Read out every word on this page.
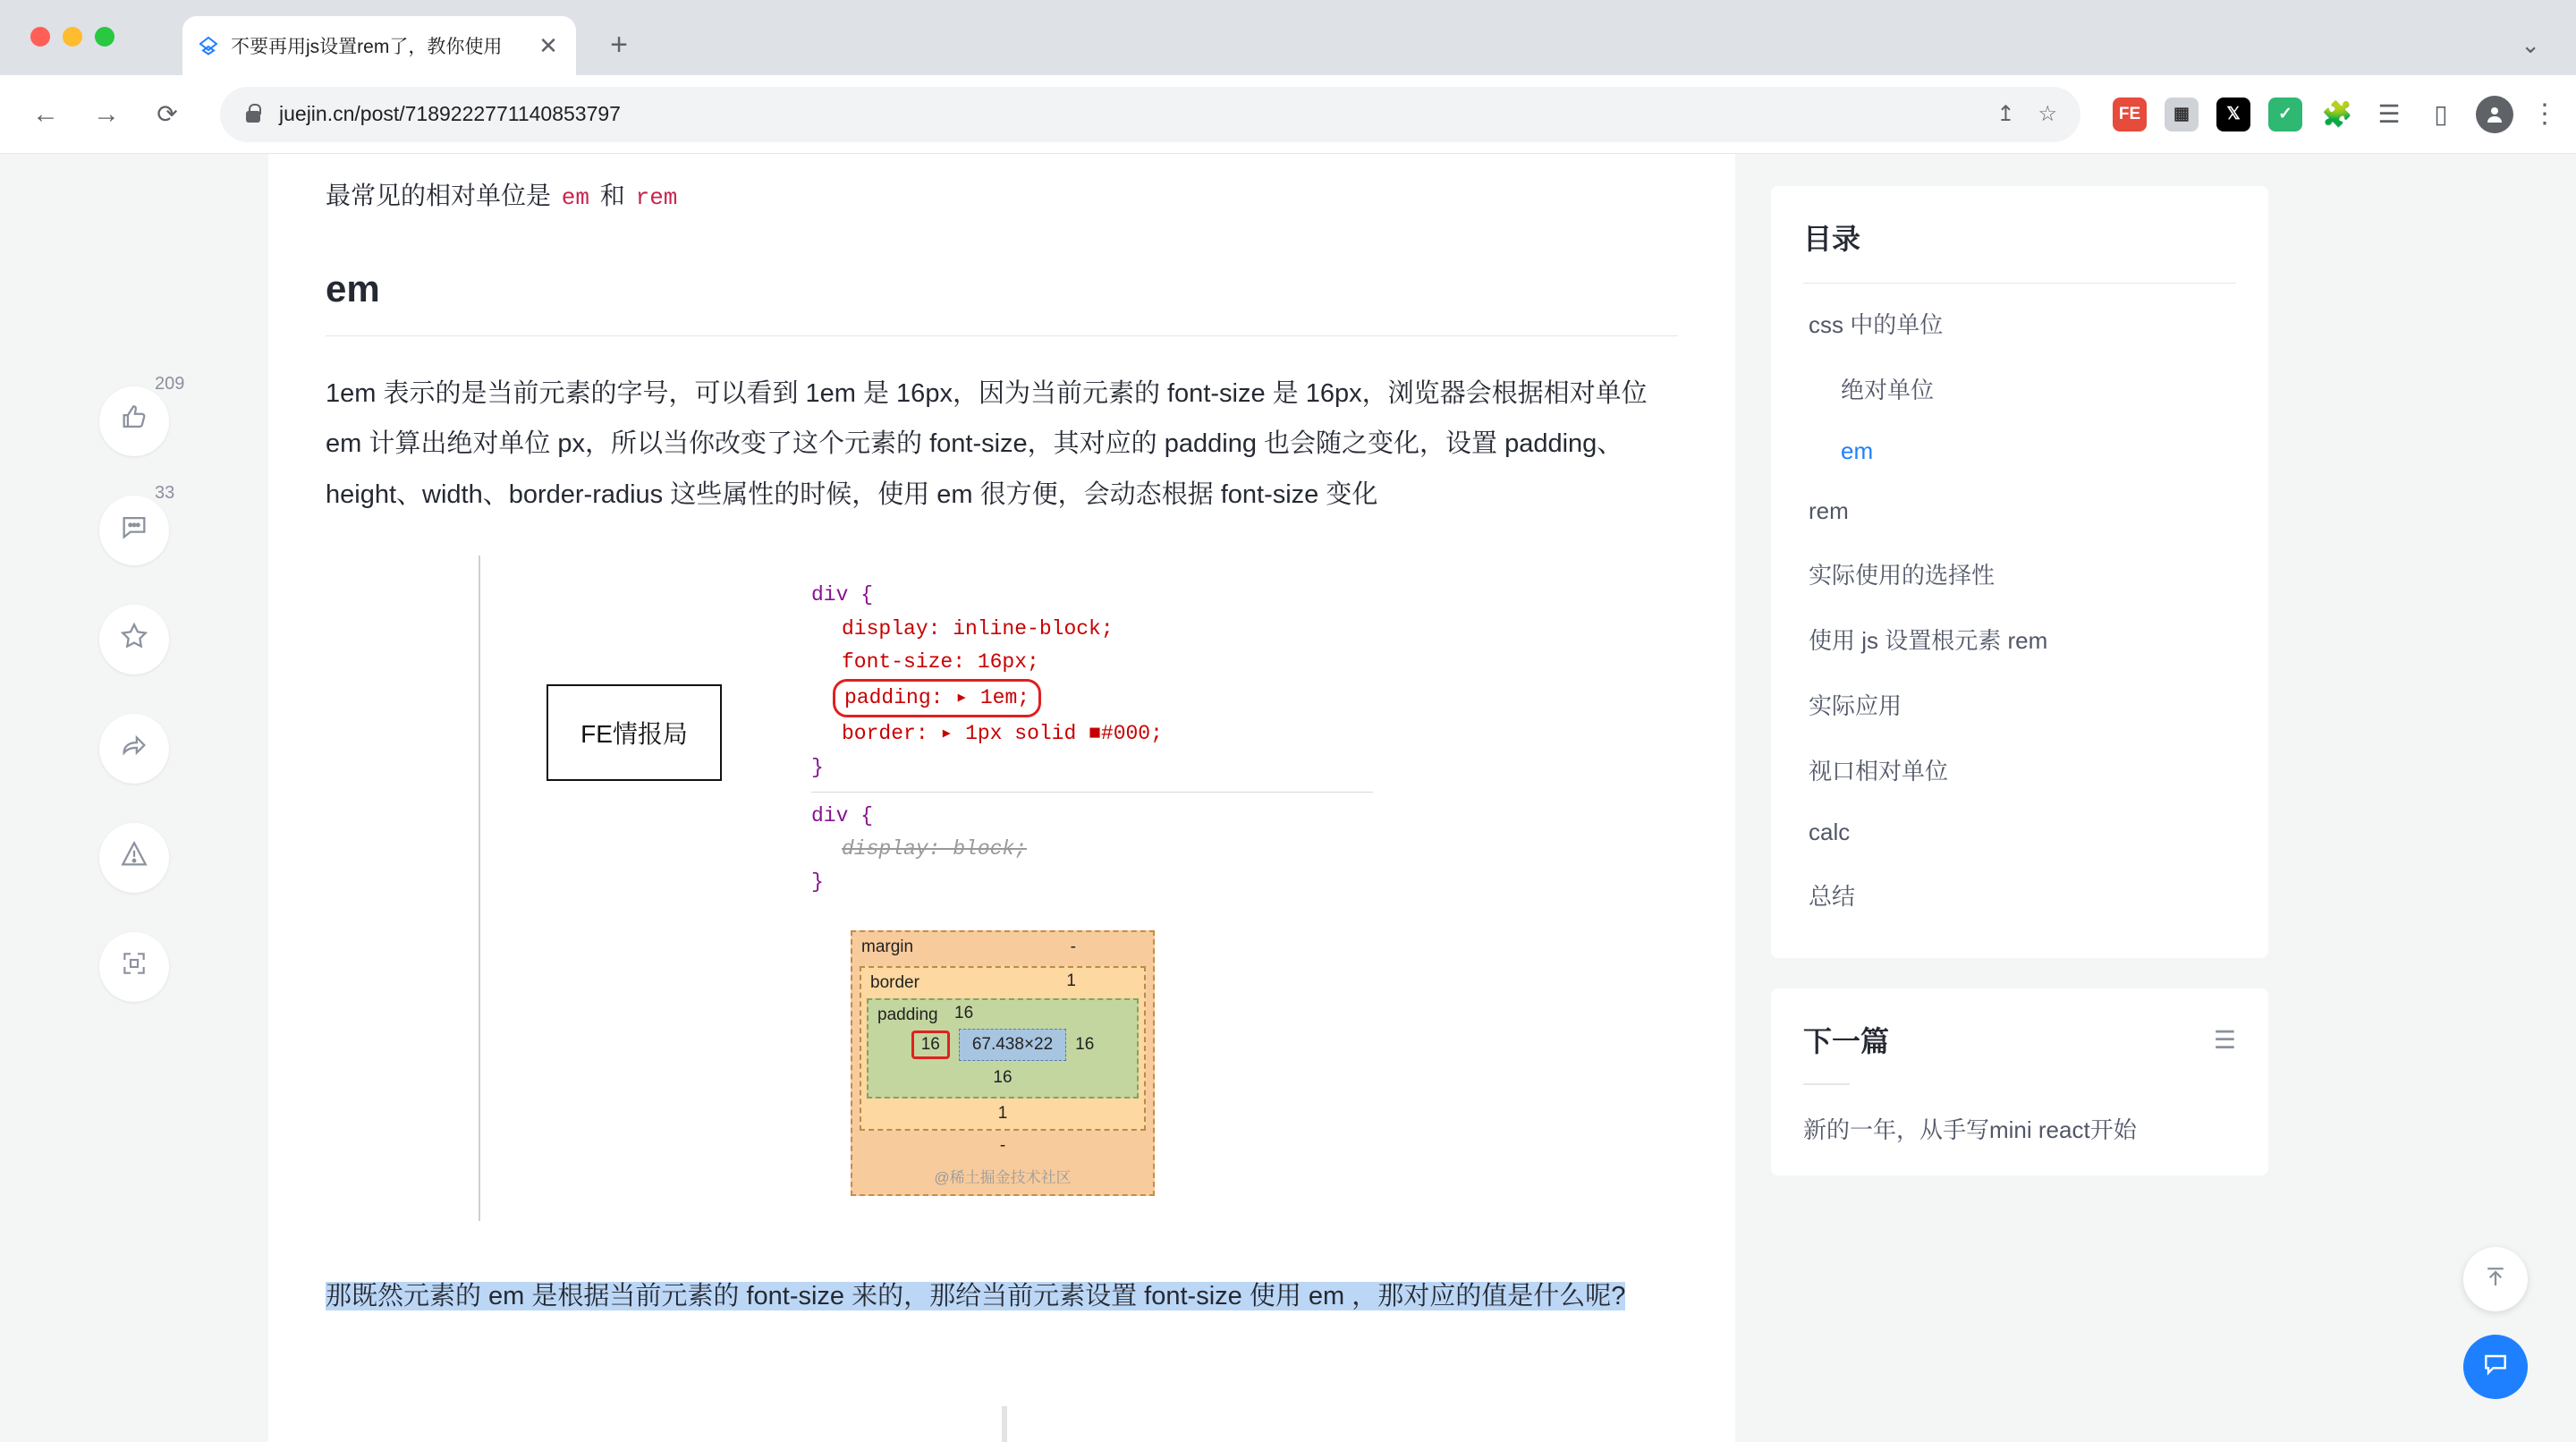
不要再用js设置rem了，教你使用	✕ +	⌄
← →	⟳	juejin.cn/post/7189222771140853797	↥ ☆	FE	▦	𝕏	✓	🧩 ☰	▯	⋮
209
33
最常见的相对单位是 em 和 rem
em

1em 表示的是当前元素的字号，可以看到 1em 是 16px，因为当前元素的 font-size 是 16px，浏览器会根据相对单位 em 计算出绝对单位 px，所以当你改变了这个元素的 font-size，其对应的 padding 也会随之变化，设置 padding、height、width、border-radius 这些属性的时候，使用 em 很方便，会动态根据 font-size 变化

FE情报局
div {
display: inline-block;
font-size: 16px;
padding: ▸ 1em;
border: ▸ 1px solid ■#000;
}
div {
display: block;
}
margin	-
border	1
padding 16
16	67.438×22	16
16
1
-
@稀土掘金技术社区

那既然元素的 em 是根据当前元素的 font-size 来的，那给当前元素设置 font-size 使用 em ，那对应的值是什么呢?

目录
css 中的单位
绝对单位
em
rem
实际使用的选择性
使用 js 设置根元素 rem
实际应用
视口相对单位
calc
总结
下一篇	☰
新的一年，从手写mini react开始
